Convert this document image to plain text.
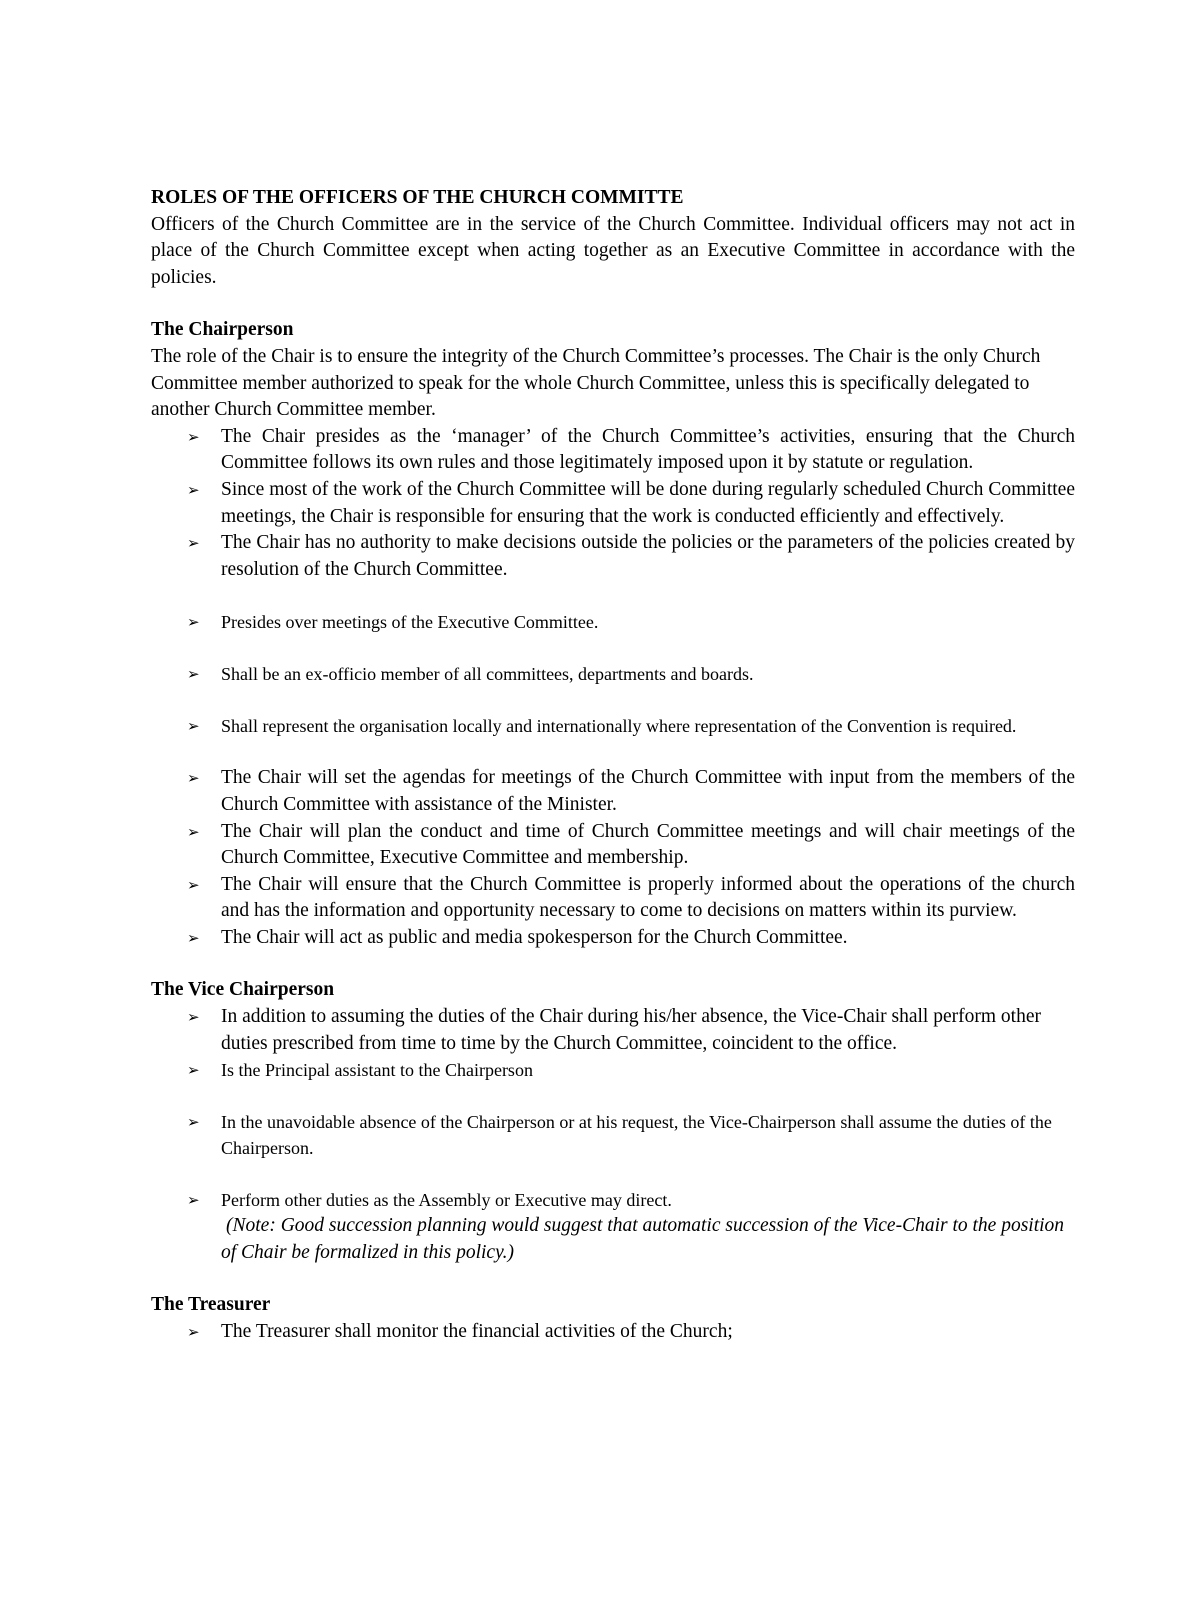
ROLES OF THE OFFICERS OF THE CHURCH COMMITTE

Officers of the Church Committee are in the service of the Church Committee. Individual officers may not act in place of the Church Committee except when acting together as an Executive Committee in accordance with the policies.

The Chairperson

The role of the Chair is to ensure the integrity of the Church Committee’s processes. The Chair is the only Church Committee member authorized to speak for the whole Church Committee, unless this is specifically delegated to another Church Committee member.

➢ The Chair presides as the ‘manager’ of the Church Committee’s activities, ensuring that the Church Committee follows its own rules and those legitimately imposed upon it by statute or regulation.
➢ Since most of the work of the Church Committee will be done during regularly scheduled Church Committee meetings, the Chair is responsible for ensuring that the work is conducted efficiently and effectively.
➢ The Chair has no authority to make decisions outside the policies or the parameters of the policies created by resolution of the Church Committee.
➢ Presides over meetings of the Executive Committee.
➢ Shall be an ex-officio member of all committees, departments and boards.
➢ Shall represent the organisation locally and internationally where representation of the Convention is required.
➢ The Chair will set the agendas for meetings of the Church Committee with input from the members of the Church Committee with assistance of the Minister.
➢ The Chair will plan the conduct and time of Church Committee meetings and will chair meetings of the Church Committee, Executive Committee and membership.
➢ The Chair will ensure that the Church Committee is properly informed about the operations of the church and has the information and opportunity necessary to come to decisions on matters within its purview.
➢ The Chair will act as public and media spokesperson for the Church Committee.
The Vice Chairperson
➢ In addition to assuming the duties of the Chair during his/her absence, the Vice-Chair shall perform other duties prescribed from time to time by the Church Committee, coincident to the office.
➢ Is the Principal assistant to the Chairperson
➢ In the unavoidable absence of the Chairperson or at his request, the Vice-Chairperson shall assume the duties of the Chairperson.
➢ Perform other duties as the Assembly or Executive may direct.

(Note: Good succession planning would suggest that automatic succession of the Vice-Chair to the position of Chair be formalized in this policy.)

The Treasurer
➢ The Treasurer shall monitor the financial activities of the Church;
